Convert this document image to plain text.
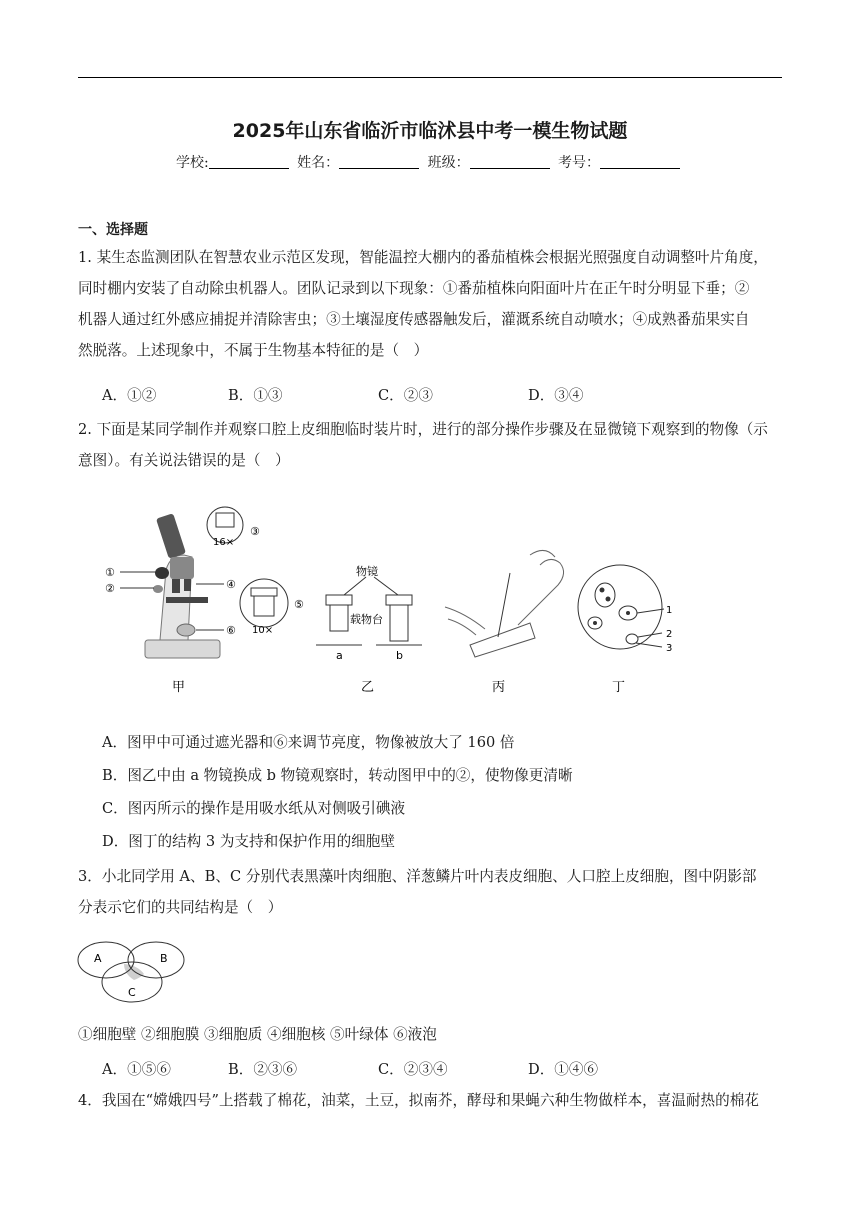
2025年山东省临沂市临沭县中考一模生物试题
学校:	姓名：	班级：	考号：
一、选择题
1. 某生态监测团队在智慧农业示范区发现，智能温控大棚内的番茄植株会根据光照强度自动调整叶片角度，
同时棚内安装了自动除虫机器人。团队记录到以下现象：①番茄植株向阳面叶片在正午时分明显下垂；②
机器人通过红外感应捕捉并清除害虫；③土壤湿度传感器触发后，灌溉系统自动喷水；④成熟番茄果实自
然脱落。上述现象中，不属于生物基本特征的是（　）
A．①②	B．①③	C．②③	D．③④
2. 下面是某同学制作并观察口腔上皮细胞临时装片时，进行的部分操作步骤及在显微镜下观察到的物像（示
意图）。有关说法错误的是（　）
16×
10×
①
②
③
④
⑤
⑥
物镜
载物台
a	b
1
2
3
甲	乙	丙	丁
A．图甲中可通过遮光器和⑥来调节亮度，物像被放大了 160 倍
B．图乙中由 a 物镜换成 b 物镜观察时，转动图甲中的②，使物像更清晰
C．图丙所示的操作是用吸水纸从对侧吸引碘液
D．图丁的结构 3 为支持和保护作用的细胞壁
3．小北同学用 A、B、C 分别代表黑藻叶肉细胞、洋葱鳞片叶内表皮细胞、人口腔上皮细胞，图中阴影部
分表示它们的共同结构是（　）
A	B
C
①细胞壁 ②细胞膜 ③细胞质 ④细胞核 ⑤叶绿体 ⑥液泡
A．①⑤⑥	B．②③⑥	C．②③④	D．①④⑥
4．我国在“嫦娥四号”上搭载了棉花，油菜，土豆，拟南芥，酵母和果蝇六种生物做样本，喜温耐热的棉花
